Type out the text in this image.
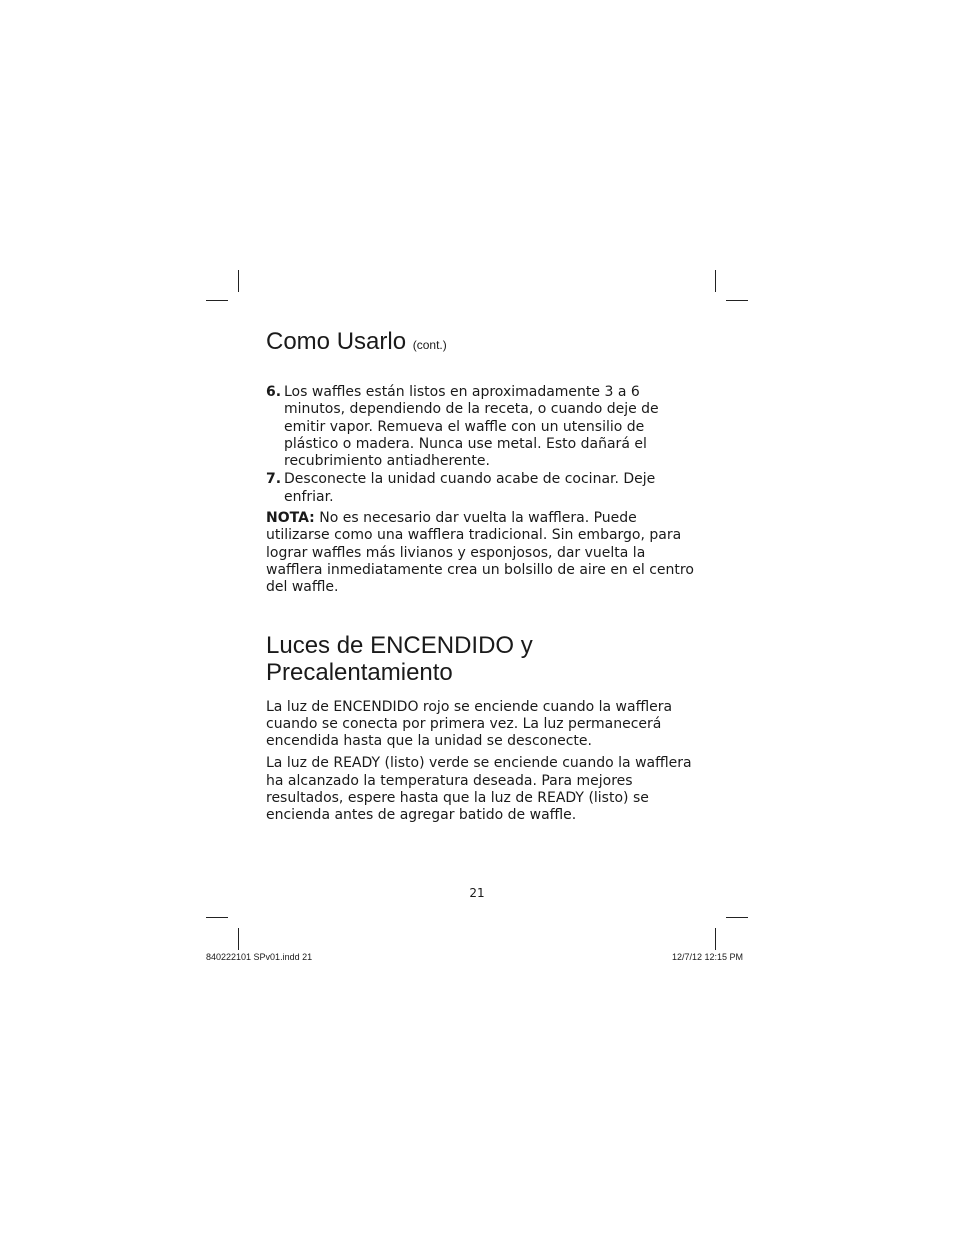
Como Usarlo (cont.)
6. Los waffles están listos en aproximadamente 3 a 6 minutos, dependiendo de la receta, o cuando deje de emitir vapor. Remueva el waffle con un utensilio de plástico o madera. Nunca use metal. Esto dañará el recubrimiento antiadherente.
7. Desconecte la unidad cuando acabe de cocinar. Deje enfriar.

NOTA: No es necesario dar vuelta la wafflera. Puede utilizarse como una wafflera tradicional. Sin embargo, para lograr waffles más livianos y esponjosos, dar vuelta la wafflera inmediatamente crea un bolsillo de aire en el centro del waffle.

Luces de ENCENDIDO y
Precalentamiento

La luz de ENCENDIDO rojo se enciende cuando la wafflera cuando se conecta por primera vez. La luz permanecerá encendida hasta que la unidad se desconecte.

La luz de READY (listo) verde se enciende cuando la wafflera ha alcanzado la temperatura deseada. Para mejores resultados, espere hasta que la luz de READY (listo) se encienda antes de agregar batido de waffle.

21
840222101 SPv01.indd 21	12/7/12 12:15 PM
